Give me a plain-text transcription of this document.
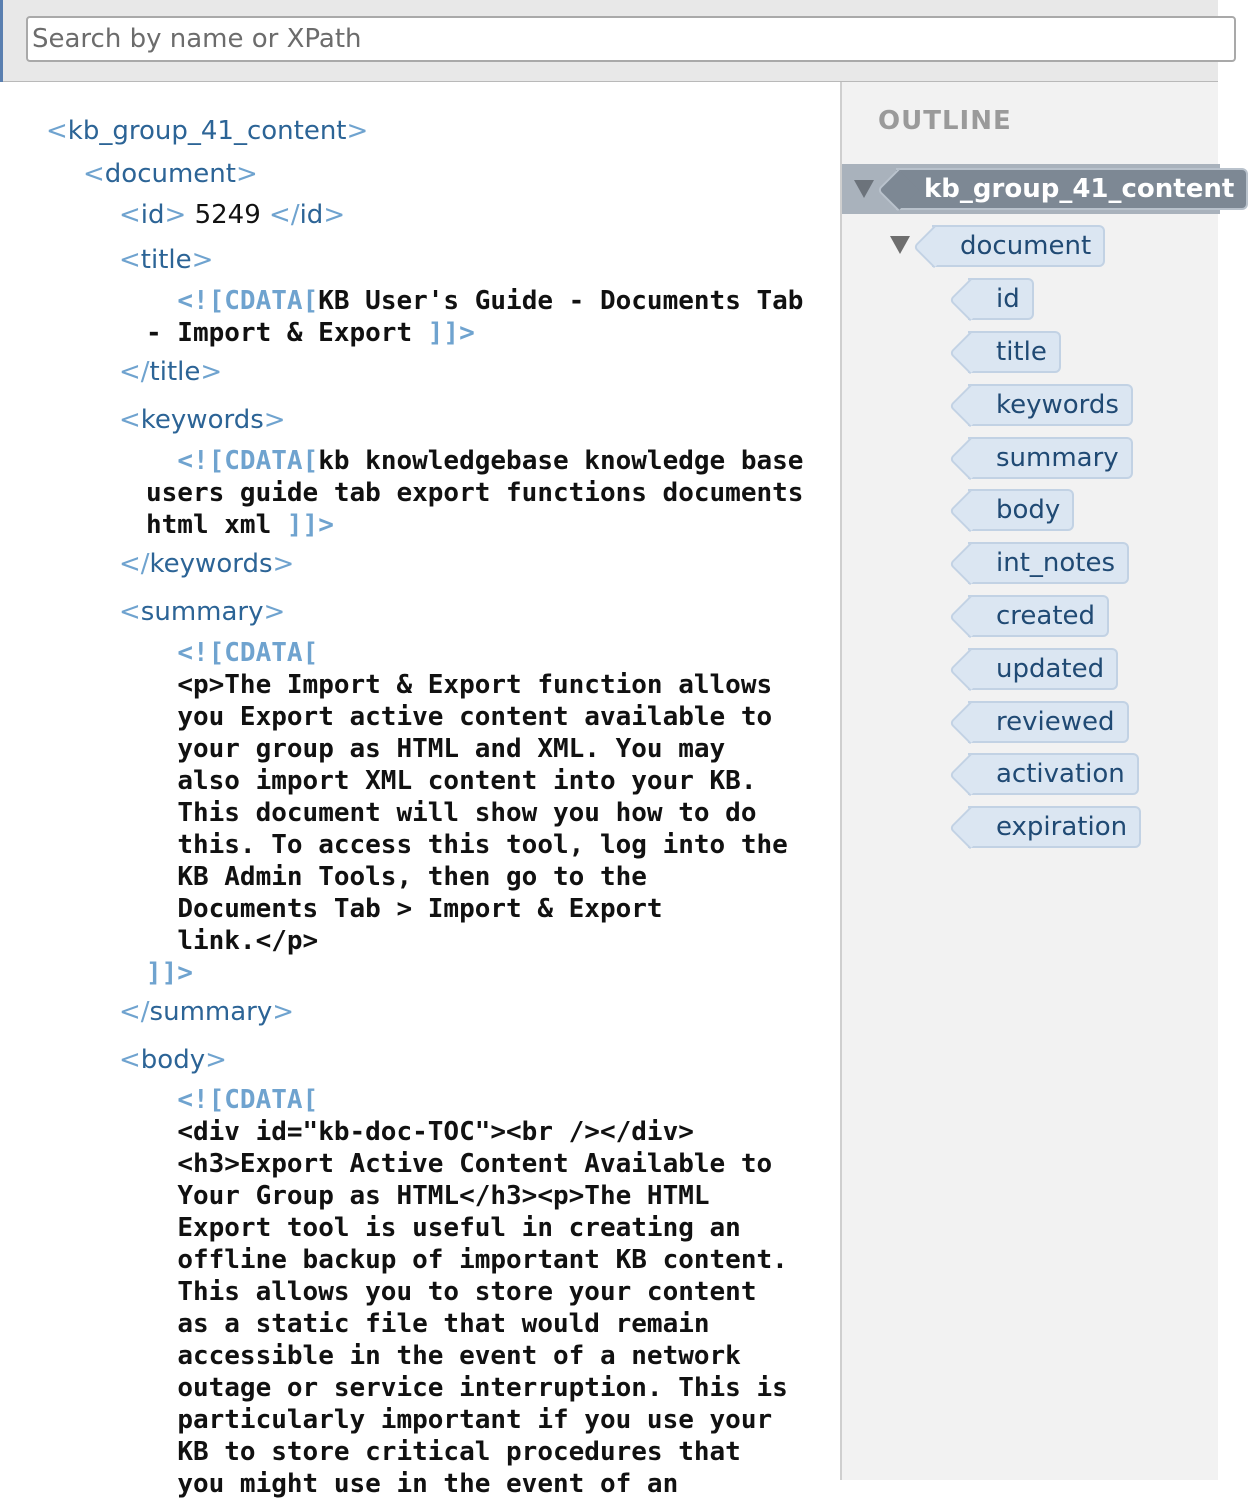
Search by name or XPath
<kb_group_41_content>
<document>
<id> 5249 </id>
<title>
<![CDATA[KB User's Guide - Documents Tab
- Import & Export ]]>
</title>
<keywords>
<![CDATA[kb knowledgebase knowledge base
users guide tab export functions documents
html xml ]]>
</keywords>
<summary>
<![CDATA[
<p>The Import & Export function allows
you Export active content available to
your group as HTML and XML. You may
also import XML content into your KB.
This document will show you how to do
this. To access this tool, log into the
KB Admin Tools, then go to the
Documents Tab > Import & Export
link.</p>
]]>
</summary>
<body>
<![CDATA[
<div id="kb-doc-TOC"><br /></div>
<h3>Export Active Content Available to
Your Group as HTML</h3><p>The HTML
Export tool is useful in creating an
offline backup of important KB content.
This allows you to store your content
as a static file that would remain
accessible in the event of a network
outage or service interruption. This is
particularly important if you use your
KB to store critical procedures that
you might use in the event of an
OUTLINE
kb_group_41_content
document
id
title
keywords
summary
body
int_notes
created
updated
reviewed
activation
expiration
